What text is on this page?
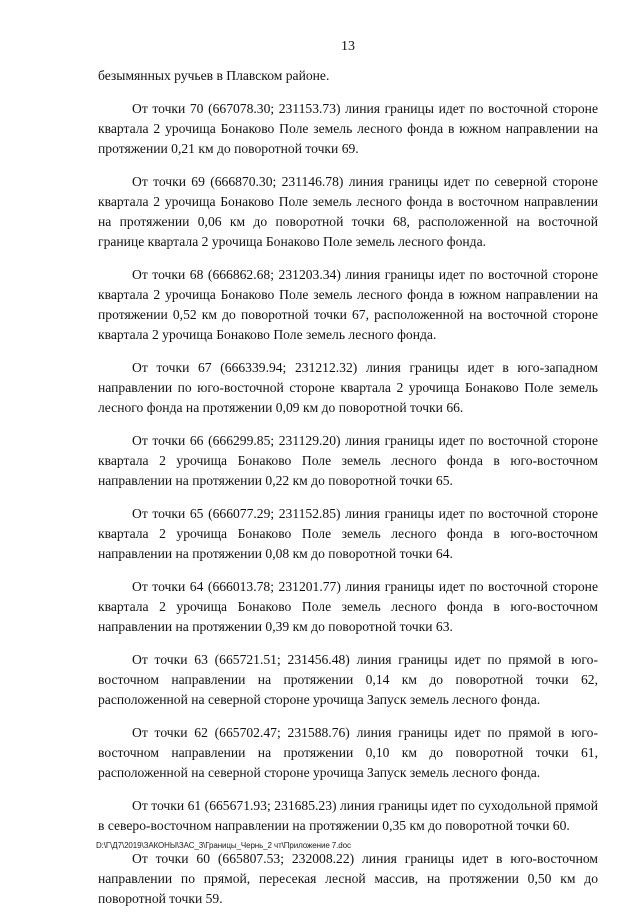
13

безымянных ручьев в Плавском районе.

От точки 70 (667078.30; 231153.73) линия границы идет по восточной стороне квартала 2 урочища Бонаково Поле земель лесного фонда в южном направлении на протяжении 0,21 км до поворотной точки 69.

От точки 69 (666870.30; 231146.78) линия границы идет по северной стороне квартала 2 урочища Бонаково Поле земель лесного фонда в восточном направлении на протяжении 0,06 км до поворотной точки 68, расположенной на восточной границе квартала 2 урочища Бонаково Поле земель лесного фонда.

От точки 68 (666862.68; 231203.34) линия границы идет по восточной стороне квартала 2 урочища Бонаково Поле земель лесного фонда в южном направлении на протяжении 0,52 км до поворотной точки 67, расположенной на восточной стороне квартала 2 урочища Бонаково Поле земель лесного фонда.

От точки 67 (666339.94; 231212.32) линия границы идет в юго-западном направлении по юго-восточной стороне квартала 2 урочища Бонаково Поле земель лесного фонда на протяжении 0,09 км до поворотной точки 66.

От точки 66 (666299.85; 231129.20) линия границы идет по восточной стороне квартала 2 урочища Бонаково Поле земель лесного фонда в юго-восточном направлении на протяжении 0,22 км до поворотной точки 65.

От точки 65 (666077.29; 231152.85) линия границы идет по восточной стороне квартала 2 урочища Бонаково Поле земель лесного фонда в юго-восточном направлении на протяжении 0,08 км до поворотной точки 64.

От точки 64 (666013.78; 231201.77) линия границы идет по восточной стороне квартала 2 урочища Бонаково Поле земель лесного фонда в юго-восточном направлении на протяжении 0,39 км до поворотной точки 63.

От точки 63 (665721.51; 231456.48) линия границы идет по прямой в юго-восточном направлении на протяжении 0,14 км до поворотной точки 62, расположенной на северной стороне урочища Запуск земель лесного фонда.

От точки 62 (665702.47; 231588.76) линия границы идет по прямой в юго-восточном направлении на протяжении 0,10 км до поворотной точки 61, расположенной на северной стороне урочища Запуск земель лесного фонда.

От точки 61 (665671.93; 231685.23) линия границы идет по суходольной прямой в северо-восточном направлении на протяжении 0,35 км до поворотной точки 60.

От точки 60 (665807.53; 232008.22) линия границы идет в юго-восточном направлении по прямой, пересекая лесной массив, на протяжении 0,50 км до поворотной точки 59.

D:\Г\Д7\2019\ЗАКОНЫ\ЗАС_3\Границы_Чернь_2 чт\Приложение 7.doc
